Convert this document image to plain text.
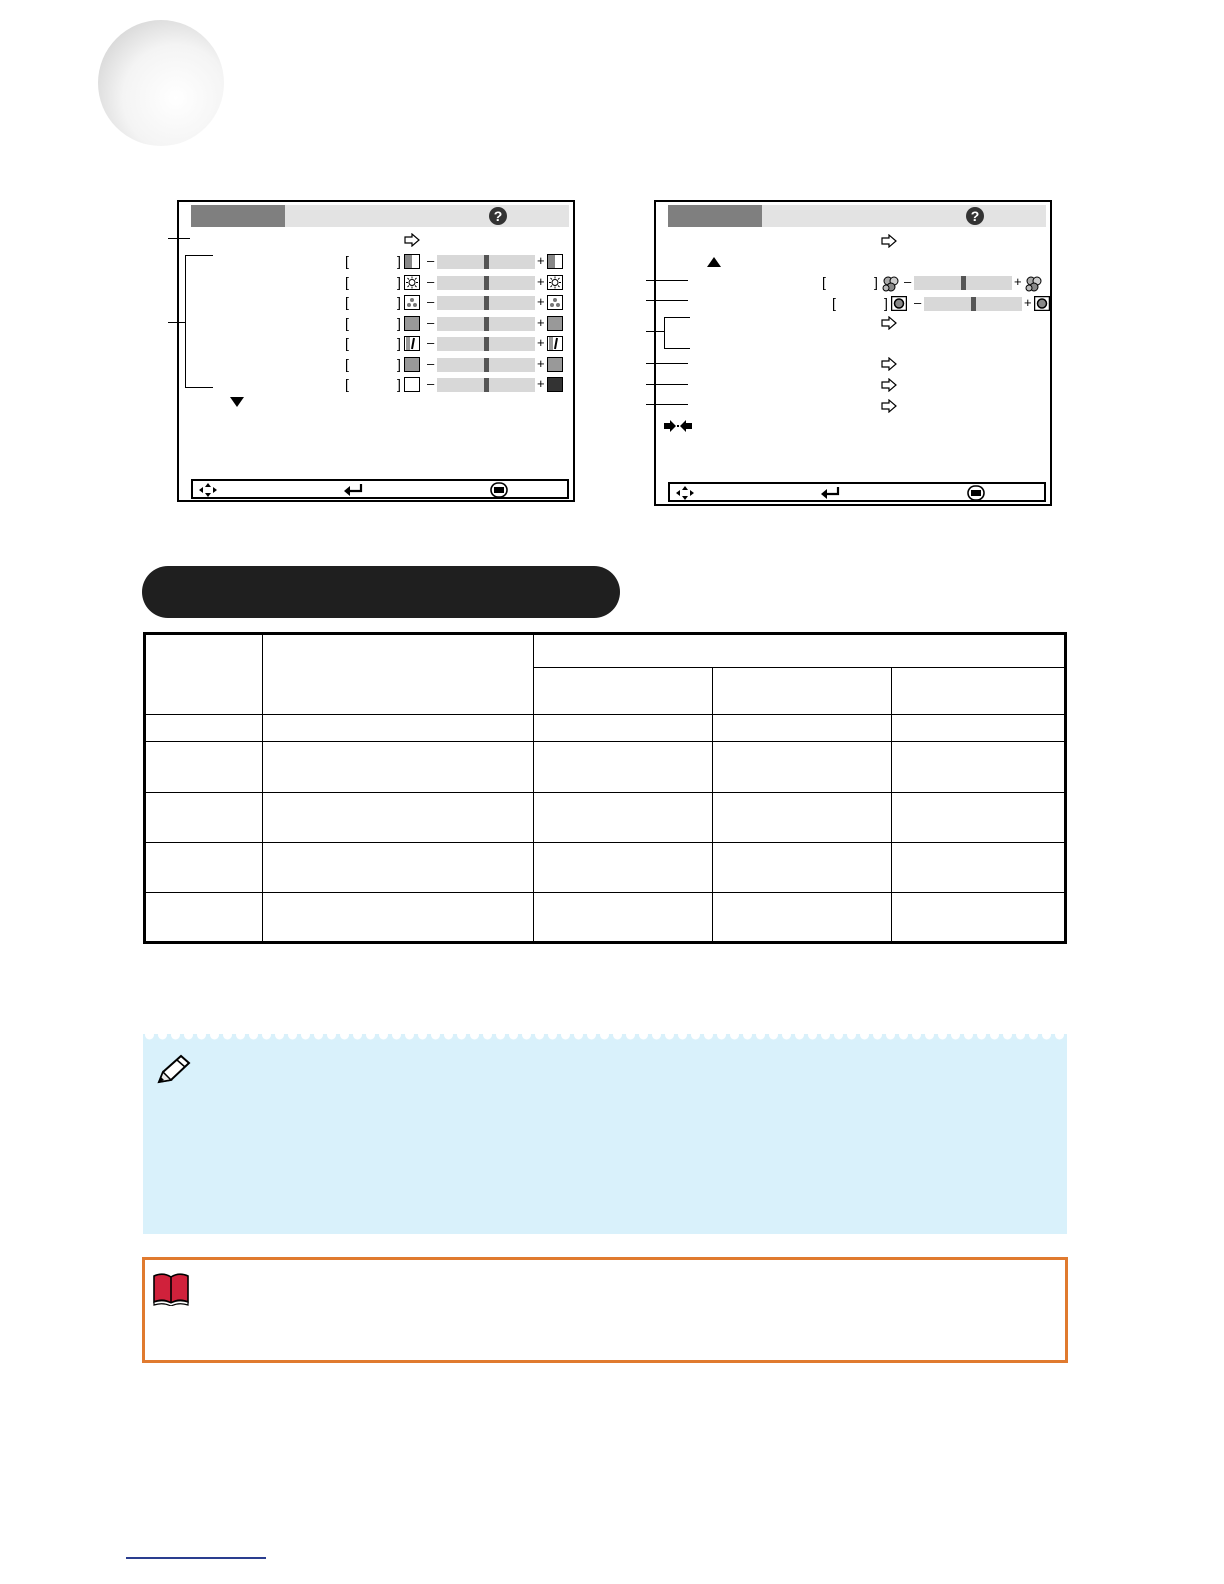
?
[	] –	+
[	] –	+
[	] –	+
[	] –	+
[	] –	+
[	] –	+
[	] –	+
?
[	] –	+
[	] –	+
